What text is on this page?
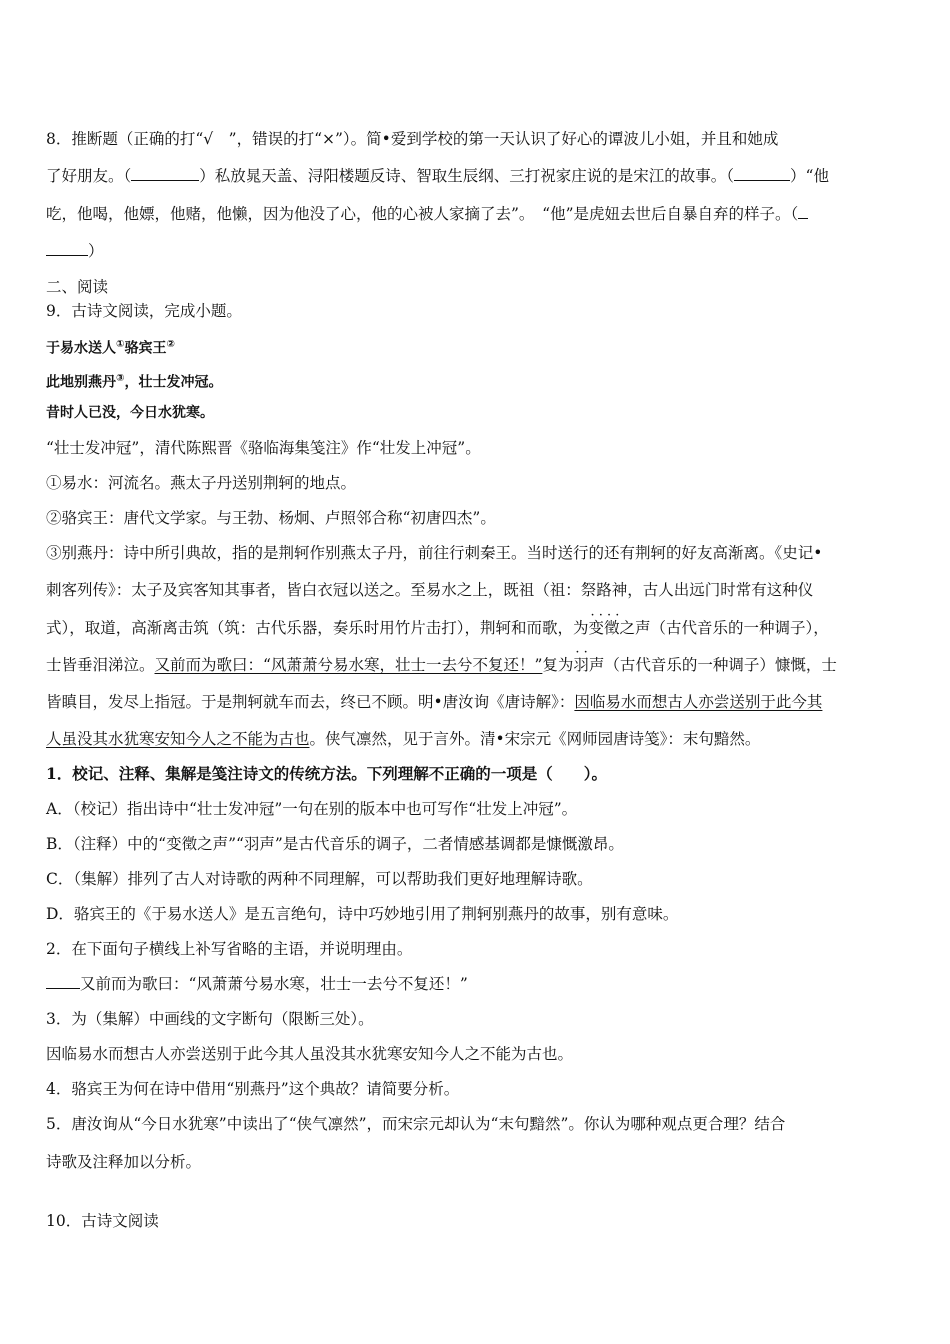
8．推断题（正确的打“√　”，错误的打“×”）。简•爱到学校的第一天认识了好心的谭波儿小姐，并且和她成
了好朋友。（	）私放晁天盖、浔阳楼题反诗、智取生辰纲、三打祝家庄说的是宋江的故事。（	）“他
吃，他喝，他嫖，他赌，他懒，因为他没了心，他的心被人家摘了去”。　“他”是虎妞去世后自暴自弃的样子。（
）
二、阅读
9．古诗文阅读，完成小题。
于易水送人①骆宾王②
此地别燕丹③，壮士发冲冠。
昔时人已没，今日水犹寒。
“壮士发冲冠”，清代陈熙晋《骆临海集笺注》作“壮发上冲冠”。
①易水：河流名。燕太子丹送别荆轲的地点。
②骆宾王：唐代文学家。与王勃、杨炯、卢照邻合称“初唐四杰”。
③别燕丹：诗中所引典故，指的是荆轲作别燕太子丹，前往行刺秦王。当时送行的还有荆轲的好友高渐离。《史记•
刺客列传》：太子及宾客知其事者，皆白衣冠以送之。至易水之上，既祖（祖：祭路神，古人出远门时常有这种仪
式），取道，高渐离击筑（筑：古代乐器，奏乐时用竹片击打），荆轲和而歌，为· · 变徵之声（古代音乐的一种调子），
士皆垂泪涕泣。又前而为歌曰：“风萧萧兮易水寒，壮士一去兮不复还！”复为· · 羽声（古代音乐的一种调子）慷慨，士
皆瞋目，发尽上指冠。于是荆轲就车而去，终已不顾。明•唐汝询《唐诗解》：因临易水而想古人亦尝送别于此今其
人虽没其水犹寒安知今人之不能为古也。侠气凛然，见于言外。清•宋宗元《网师园唐诗笺》：末句黯然。
1．校记、注释、集解是笺注诗文的传统方法。下列理解不正确的一项是（　　）。
A．（校记）指出诗中“壮士发冲冠”一句在别的版本中也可写作“壮发上冲冠”。
B．（注释）中的“变徵之声”“羽声”是古代音乐的调子，二者情感基调都是慷慨激昂。
C．（集解）排列了古人对诗歌的两种不同理解，可以帮助我们更好地理解诗歌。
D．骆宾王的《于易水送人》是五言绝句，诗中巧妙地引用了荆轲别燕丹的故事，别有意味。
2．在下面句子横线上补写省略的主语，并说明理由。
又前而为歌曰：“风萧萧兮易水寒，壮士一去兮不复还！”
3．为（集解）中画线的文字断句（限断三处）。
因临易水而想古人亦尝送别于此今其人虽没其水犹寒安知今人之不能为古也。
4．骆宾王为何在诗中借用“别燕丹”这个典故？请简要分析。
5．唐汝询从“今日水犹寒”中读出了“侠气凛然”，而宋宗元却认为“末句黯然”。你认为哪种观点更合理？结合
诗歌及注释加以分析。
10．古诗文阅读
